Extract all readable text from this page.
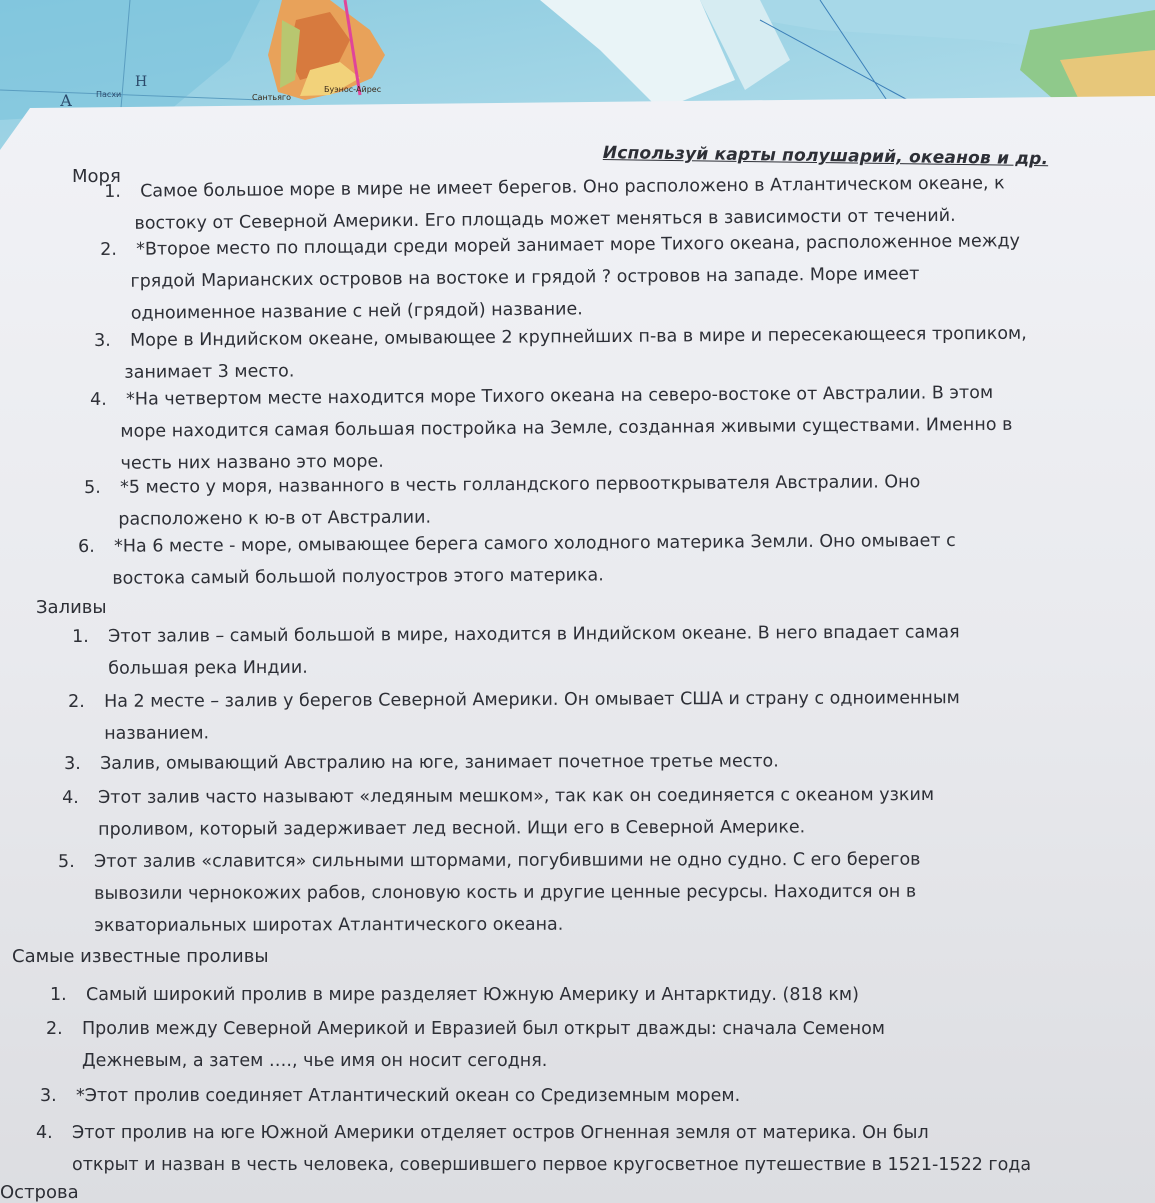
А
Н
Пасхи	Сантьяго
Буэнос-Айрес
Используй карты полушарий, океанов и др.
Моря
1. Самое большое море в мире не имеет берегов. Оно расположено в Атлантическом океане, к
востоку от Северной Америки. Его площадь может меняться в зависимости от течений.
2. *Второе место по площади среди морей занимает море Тихого океана, расположенное между
грядой Марианских островов на востоке и грядой ? островов на западе. Море имеет
одноименное название с ней (грядой) название.
3. Море в Индийском океане, омывающее 2 крупнейших п-ва в мире и пересекающееся тропиком,
занимает 3 место.
4. *На четвертом месте находится море Тихого океана на северо-востоке от Австралии. В этом
море находится самая большая постройка на Земле, созданная живыми существами. Именно в
честь них названо это море.
5. *5 место у моря, названного в честь голландского первооткрывателя Австралии. Оно
расположено к ю-в от Австралии.
6. *На 6 месте - море, омывающее берега самого холодного материка Земли. Оно омывает с
востока самый большой полуостров этого материка.
Заливы
1. Этот залив – самый большой в мире, находится в Индийском океане. В него впадает самая
большая река Индии.
2. На 2 месте – залив у берегов Северной Америки. Он омывает США и страну с одноименным
названием.
3. Залив, омывающий Австралию на юге, занимает почетное третье место.
4. Этот залив часто называют «ледяным мешком», так как он соединяется с океаном узким
проливом, который задерживает лед весной. Ищи его в Северной Америке.
5. Этот залив «славится» сильными штормами, погубившими не одно судно. С его берегов
вывозили чернокожих рабов, слоновую кость и другие ценные ресурсы. Находится он в
экваториальных широтах Атлантического океана.
Самые известные проливы
1. Самый широкий пролив в мире разделяет Южную Америку и Антарктиду. (818 км)
2. Пролив между Северной Америкой и Евразией был открыт дважды: сначала Семеном
Дежневым, а затем …., чье имя он носит сегодня.
3. *Этот пролив соединяет Атлантический океан со Средиземным морем.
4. Этот пролив на юге Южной Америки отделяет остров Огненная земля от материка. Он был
открыт и назван в честь человека, совершившего первое кругосветное путешествие в 1521-1522 года
Острова
